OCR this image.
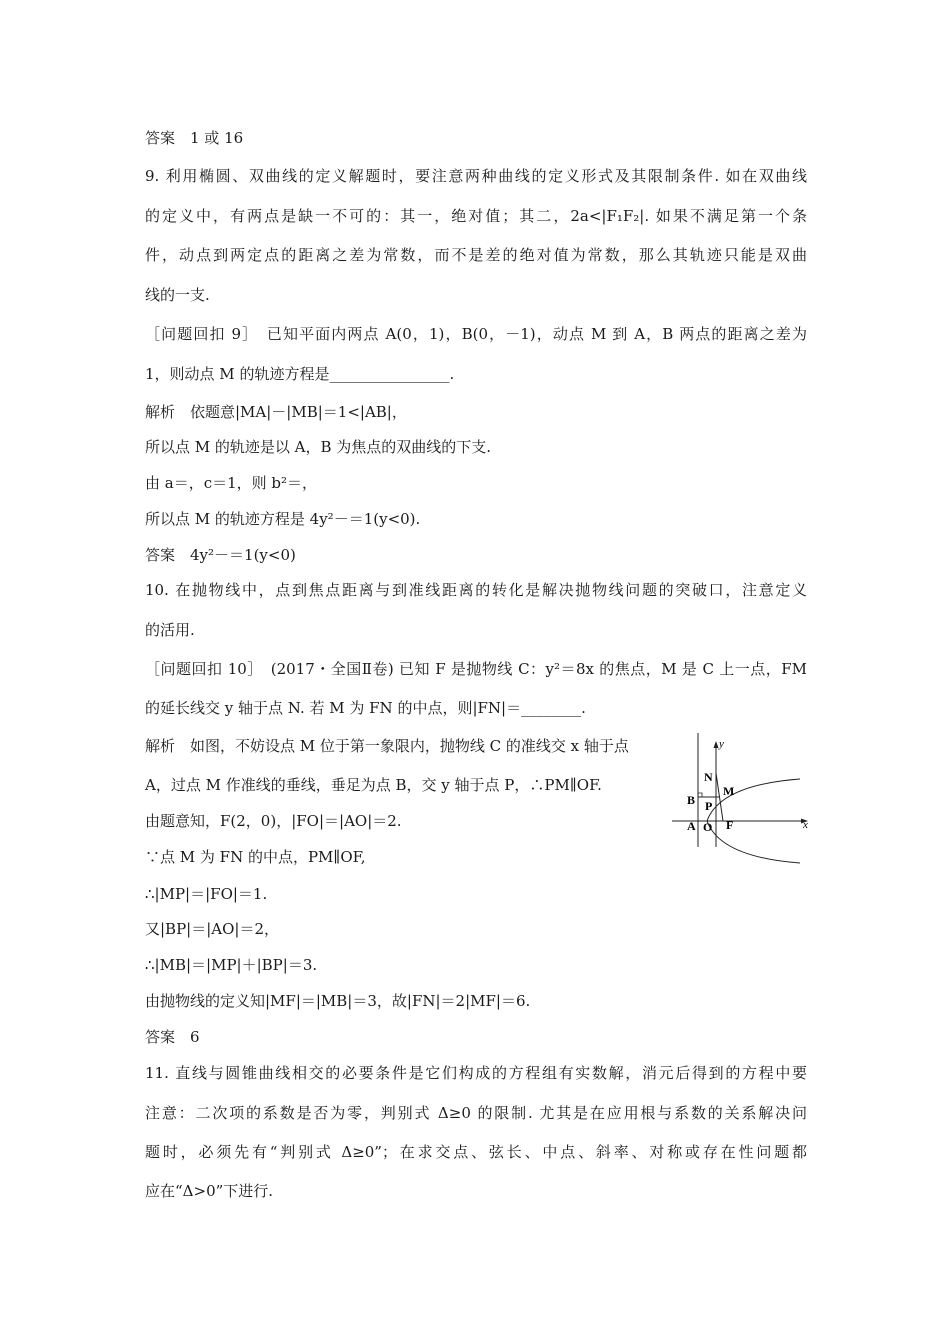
答案　1 或 16
9. 利用椭圆、双曲线的定义解题时，要注意两种曲线的定义形式及其限制条件. 如在双曲线
的定义中，有两点是缺一不可的：其一，绝对值；其二，2a<|F₁F₂|. 如果不满足第一个条
件，动点到两定点的距离之差为常数，而不是差的绝对值为常数，那么其轨迹只能是双曲
线的一支.
［问题回扣 9］　已知平面内两点 A(0，1)，B(0，－1)，动点 M 到 A，B 两点的距离之差为
1，则动点 M 的轨迹方程是________________.
解析　依题意|MA|－|MB|＝1<|AB|，
所以点 M 的轨迹是以 A，B 为焦点的双曲线的下支.
由 a＝，c＝1，则 b²＝，
所以点 M 的轨迹方程是 4y²－＝1(y<0).
答案　4y²－＝1(y<0)
10. 在抛物线中，点到焦点距离与到准线距离的转化是解决抛物线问题的突破口，注意定义
的活用.
［问题回扣 10］　(2017・全国Ⅱ卷) 已知 F 是抛物线 C：y²＝8x 的焦点，M 是 C 上一点，FM
的延长线交 y 轴于点 N. 若 M 为 FN 的中点，则|FN|＝________.
解析　如图，不妨设点 M 位于第一象限内，抛物线 C 的准线交 x 轴于点
A，过点 M 作准线的垂线，垂足为点 B，交 y 轴于点 P，∴PM∥OF.
由题意知，F(2，0)，|FO|＝|AO|＝2.
∵点 M 为 FN 的中点，PM∥OF,
∴|MP|＝|FO|＝1.
又|BP|＝|AO|＝2，
∴|MB|＝|MP|＋|BP|＝3.
由抛物线的定义知|MF|＝|MB|＝3，故|FN|＝2|MF|＝6.
答案　6
11. 直线与圆锥曲线相交的必要条件是它们构成的方程组有实数解，消元后得到的方程中要
注意：二次项的系数是否为零，判别式 Δ≥0 的限制. 尤其是在应用根与系数的关系解决问
题时，必须先有“判别式 Δ≥0”；在求交点、弦长、中点、斜率、对称或存在性问题都
应在“Δ>0”下进行.
y
x
N
M
B P
A O F
